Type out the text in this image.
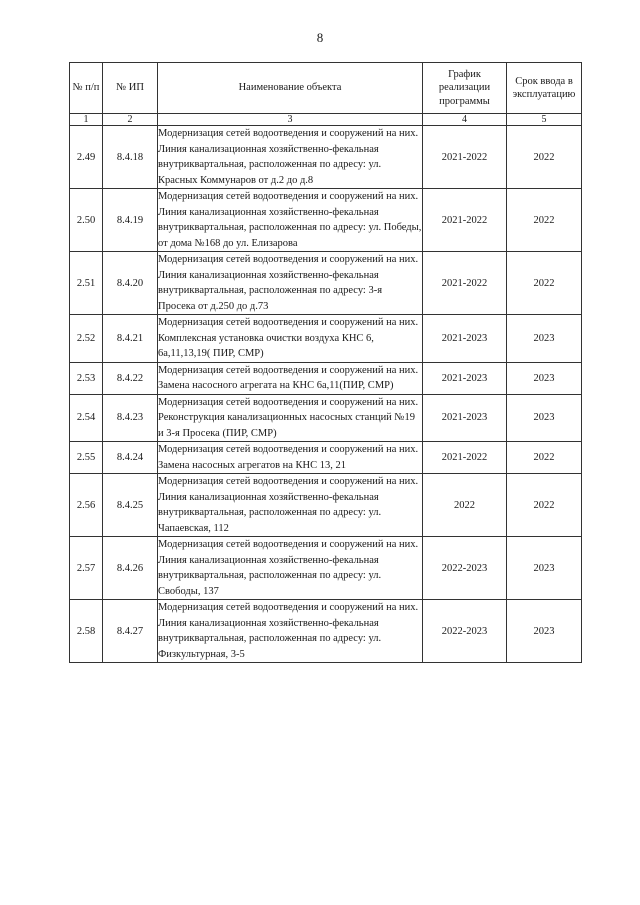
8
№ п/п	№ ИП	Наименование объекта	График реализации программы	Срок ввода в эксплуатацию
1	2	3	4	5
2.49	8.4.18	Модернизация сетей водоотведения и сооружений на них. Линия канализационная хозяйственно-фекальная внутриквартальная, расположенная по адресу: ул. Красных Коммунаров от д.2 до д.8	2021-2022	2022
2.50	8.4.19	Модернизация сетей водоотведения и сооружений на них. Линия канализационная хозяйственно-фекальная внутриквартальная, расположенная по адресу: ул. Победы, от дома №168 до ул. Елизарова	2021-2022	2022
2.51	8.4.20	Модернизация сетей водоотведения и сооружений на них. Линия канализационная хозяйственно-фекальная внутриквартальная, расположенная по адресу: 3-я Просека от д.250 до д.73	2021-2022	2022
2.52	8.4.21	Модернизация сетей водоотведения и сооружений на них. Комплексная установка очистки воздуха КНС 6, 6а,11,13,19( ПИР, СМР)	2021-2023	2023
2.53	8.4.22	Модернизация сетей водоотведения и сооружений на них. Замена насосного агрегата на КНС 6а,11(ПИР, СМР)	2021-2023	2023
2.54	8.4.23	Модернизация сетей водоотведения и сооружений на них. Реконструкция канализационных насосных станций №19 и 3-я Просека (ПИР, СМР)	2021-2023	2023
2.55	8.4.24	Модернизация сетей водоотведения и сооружений на них. Замена насосных агрегатов на КНС 13, 21	2021-2022	2022
2.56	8.4.25	Модернизация сетей водоотведения и сооружений на них. Линия канализационная хозяйственно-фекальная внутриквартальная, расположенная по адресу: ул. Чапаевская, 112	2022	2022
2.57	8.4.26	Модернизация сетей водоотведения и сооружений на них. Линия канализационная хозяйственно-фекальная внутриквартальная, расположенная по адресу: ул. Свободы, 137	2022-2023	2023
2.58	8.4.27	Модернизация сетей водоотведения и сооружений на них. Линия канализационная хозяйственно-фекальная внутриквартальная, расположенная по адресу: ул. Физкультурная, 3-5	2022-2023	2023
